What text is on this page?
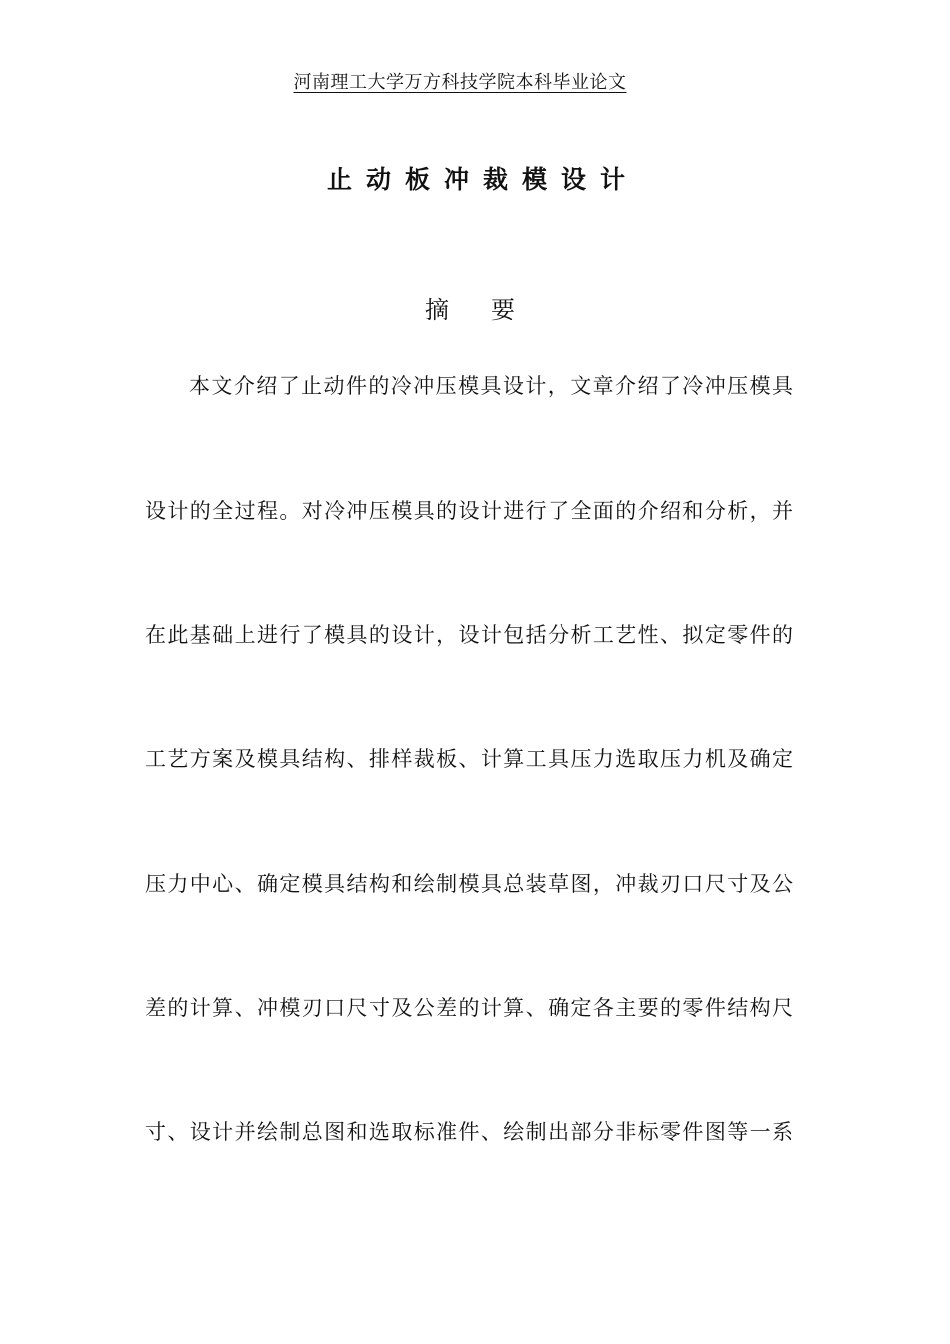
河南理工大学万方科技学院本科毕业论文
止动板冲裁模设计
摘 要
本文介绍了止动件的冷冲压模具设计，文章介绍了冷冲压模具
设计的全过程。对冷冲压模具的设计进行了全面的介绍和分析，并
在此基础上进行了模具的设计，设计包括分析工艺性、拟定零件的
工艺方案及模具结构、排样裁板、计算工具压力选取压力机及确定
压力中心、确定模具结构和绘制模具总装草图，冲裁刃口尺寸及公
差的计算、冲模刃口尺寸及公差的计算、确定各主要的零件结构尺
寸、设计并绘制总图和选取标准件、绘制出部分非标零件图等一系
